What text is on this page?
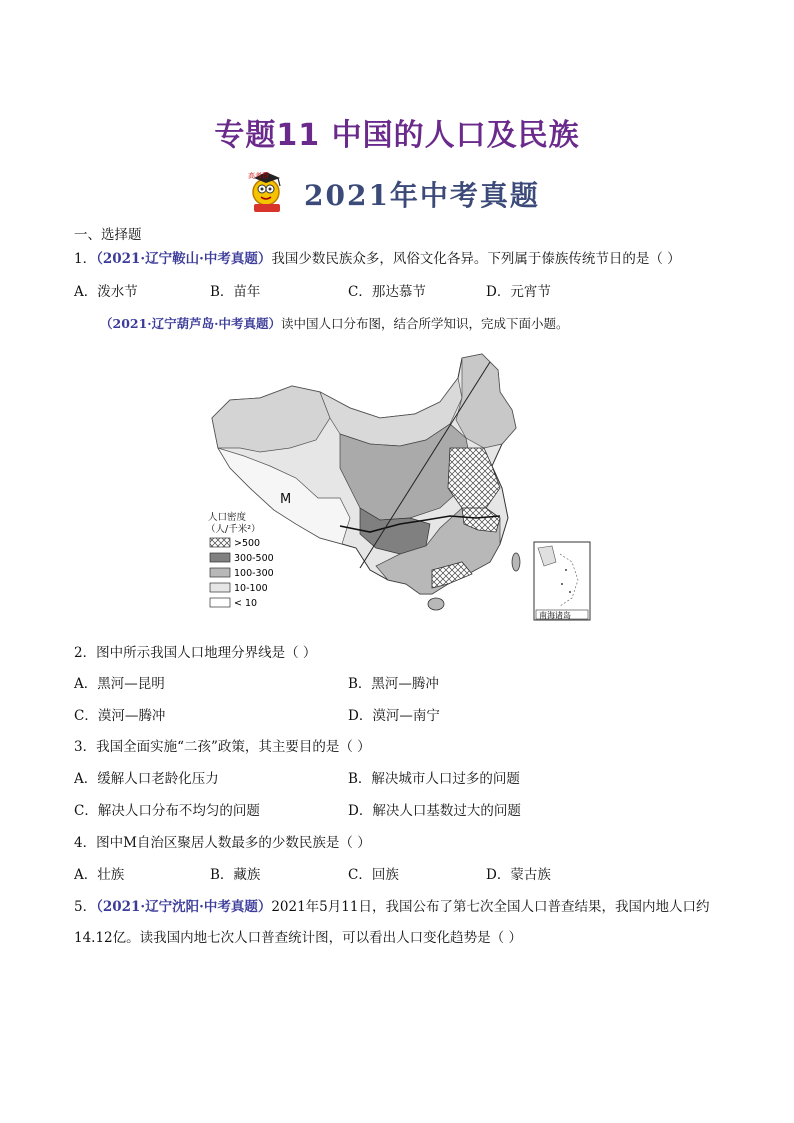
专题11 中国的人口及民族
高考帮
2021年中考真题
一、选择题
1．（2021·辽宁鞍山·中考真题）我国少数民族众多，风俗文化各异。下列属于傣族传统节日的是（ ）
A．泼水节	B．苗年	C．那达慕节	D．元宵节
（2021·辽宁葫芦岛·中考真题）读中国人口分布图，结合所学知识，完成下面小题。
M
人口密度
（人/千米²）
>500
300-500
100-300
10-100
< 10
南海诸岛
2．图中所示我国人口地理分界线是（ ）
A．黑河—昆明	B．黑河—腾冲
C．漠河—腾冲	D．漠河—南宁
3．我国全面实施“二孩”政策，其主要目的是（ ）
A．缓解人口老龄化压力	B．解决城市人口过多的问题
C．解决人口分布不均匀的问题	D．解决人口基数过大的问题
4．图中M自治区聚居人数最多的少数民族是（ ）
A．壮族	B．藏族	C．回族	D．蒙古族
5．（2021·辽宁沈阳·中考真题）2021年5月11日，我国公布了第七次全国人口普查结果，我国内地人口约
14.12亿。读我国内地七次人口普查统计图，可以看出人口变化趋势是（ ）
